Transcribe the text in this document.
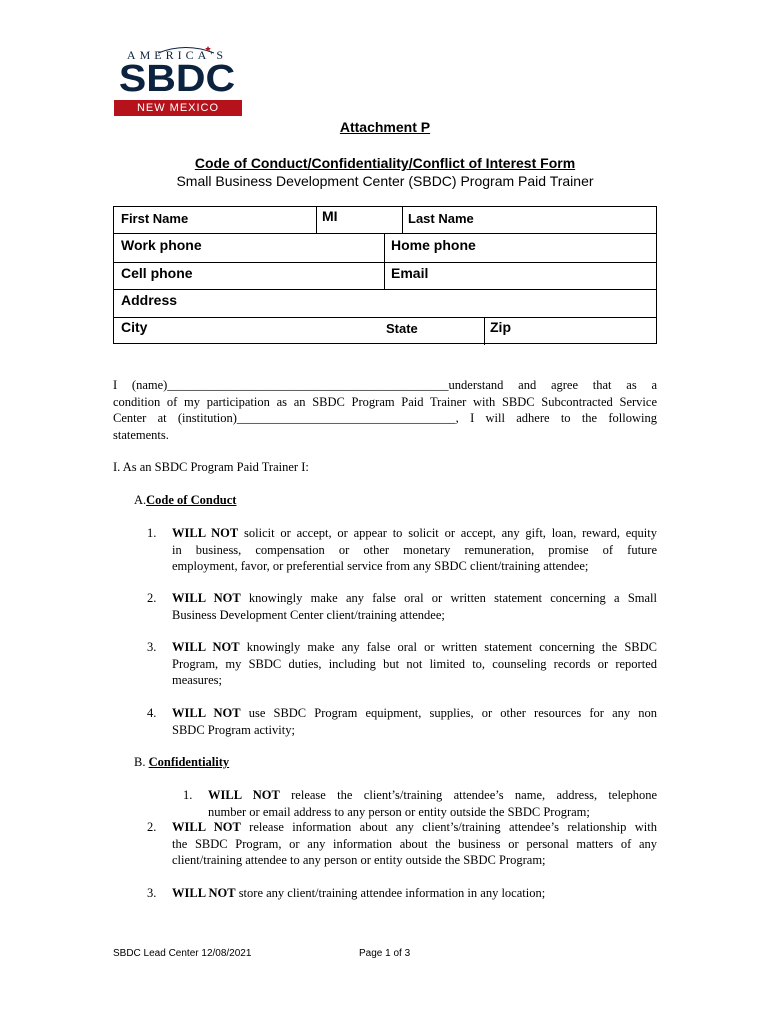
AMERICA'S
SBDC
NEW MEXICO
Attachment P
Code of Conduct/Confidentiality/Conflict of Interest Form
Small Business Development Center (SBDC) Program Paid Trainer
First Name	MI	Last Name
Work phone	Home phone
Cell phone	Email
Address
City	State	Zip
I (name)_____________________________________________understand and agree that as a
condition of my participation as an SBDC Program Paid Trainer with SBDC Subcontracted Service
Center at (institution)___________________________________, I will adhere to the following
statements.
I. As an SBDC Program Paid Trainer I:
A.Code of Conduct
1. WILL NOT solicit or accept, or appear to solicit or accept, any gift, loan, reward, equity
in business, compensation or other monetary remuneration, promise of future
employment, favor, or preferential service from any SBDC client/training attendee;
2. WILL NOT knowingly make any false oral or written statement concerning a Small
Business Development Center client/training attendee;
3. WILL NOT knowingly make any false oral or written statement concerning the SBDC
Program, my SBDC duties, including but not limited to, counseling records or reported
measures;
4. WILL NOT use SBDC Program equipment, supplies, or other resources for any non
SBDC Program activity;
B. Confidentiality
1. WILL NOT release the client’s/training attendee’s name, address, telephone
number or email address to any person or entity outside the SBDC Program;
2. WILL NOT release information about any client’s/training attendee’s relationship with
the SBDC Program, or any information about the business or personal matters of any
client/training attendee to any person or entity outside the SBDC Program;
3. WILL NOT store any client/training attendee information in any location;
SBDC Lead Center 12/08/2021	Page 1 of 3
